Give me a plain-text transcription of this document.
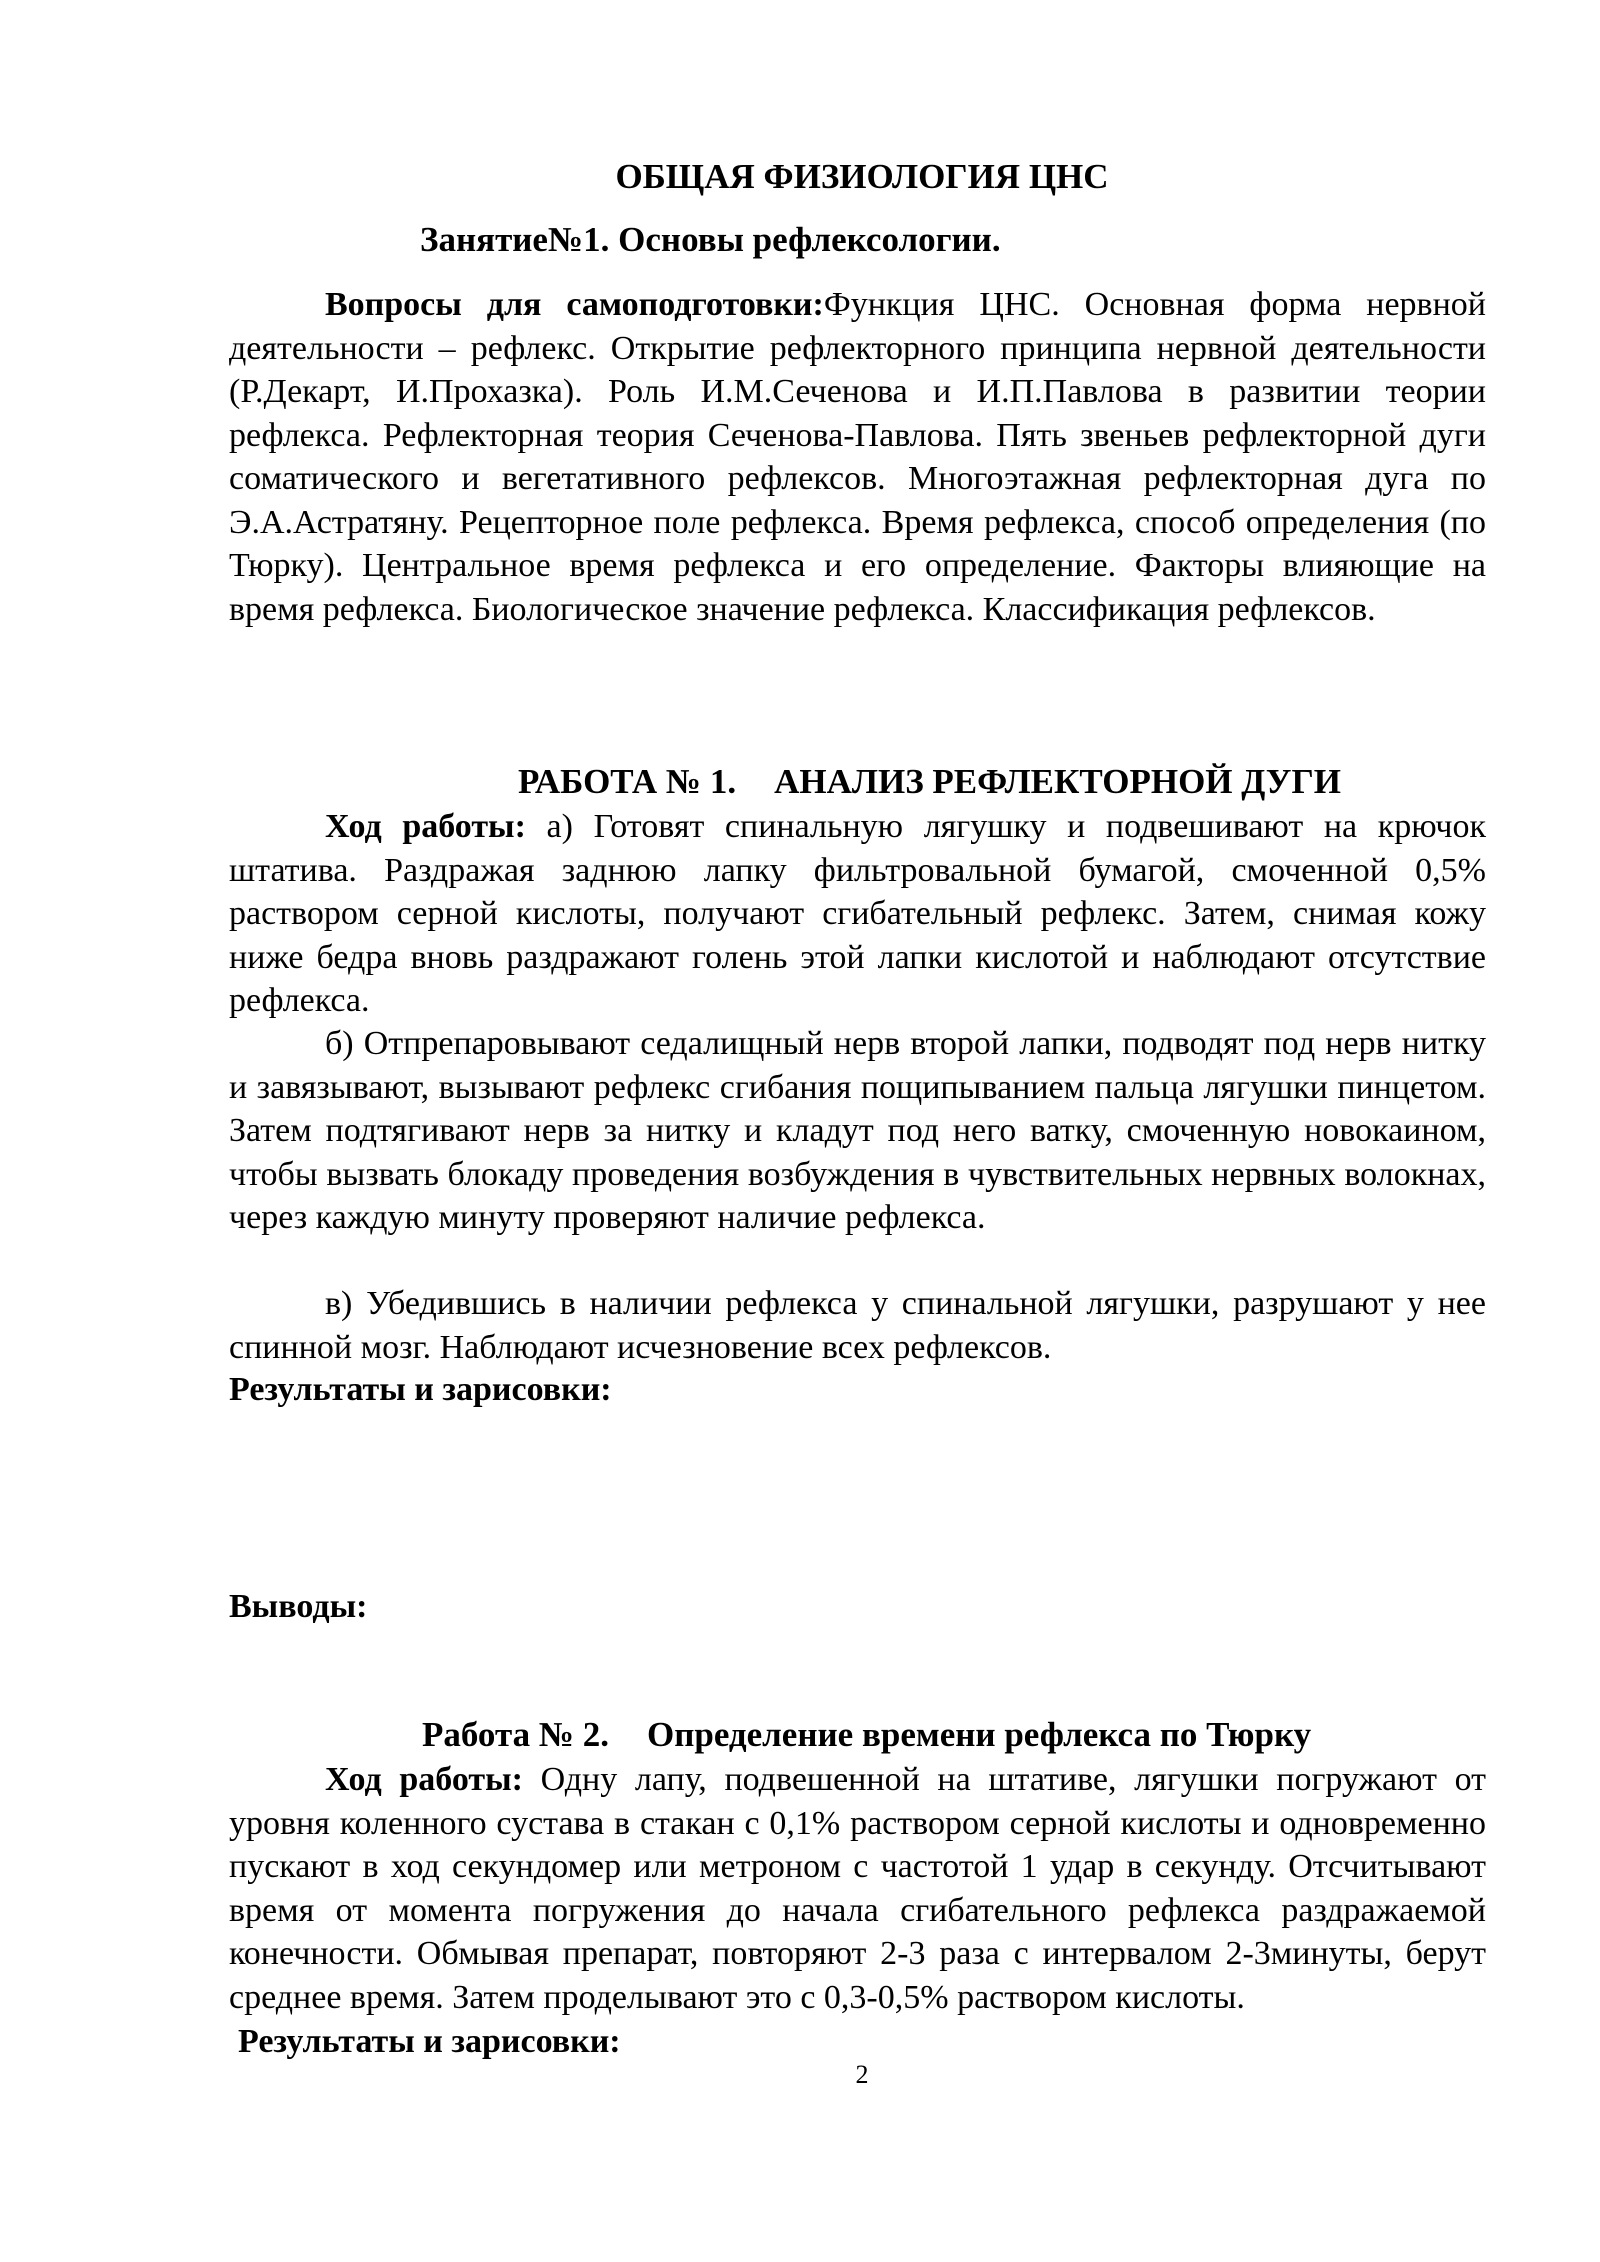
ОБЩАЯ ФИЗИОЛОГИЯ ЦНС
Занятие№1. Основы рефлексологии.

Вопросы для самоподготовки:Функция ЦНС. Основная форма нервной деятельности – рефлекс. Открытие рефлекторного принципа нервной деятельности (Р.Декарт, И.Прохазка). Роль И.М.Сеченова и И.П.Павлова в развитии теории рефлекса. Рефлекторная теория Сеченова-Павлова. Пять звеньев рефлекторной дуги соматического и вегетативного рефлексов. Многоэтажная рефлекторная дуга по Э.А.Астратяну. Рецепторное поле рефлекса. Время рефлекса, способ определения (по Тюрку). Центральное время рефлекса и его определение. Факторы влияющие на время рефлекса. Биологическое значение рефлекса. Классификация рефлексов.

РАБОТА № 1. АНАЛИЗ РЕФЛЕКТОРНОЙ ДУГИ

Ход работы: а) Готовят спинальную лягушку и подвешивают на крючок штатива. Раздражая заднюю лапку фильтровальной бумагой, смоченной 0,5% раствором серной кислоты, получают сгибательный рефлекс. Затем, снимая кожу ниже бедра вновь раздражают голень этой лапки кислотой и наблюдают отсутствие рефлекса.

б) Отпрепаровывают седалищный нерв второй лапки, подводят под нерв нитку и завязывают, вызывают рефлекс сгибания пощипыванием пальца лягушки пинцетом. Затем подтягивают нерв за нитку и кладут под него ватку, смоченную новокаином, чтобы вызвать блокаду проведения возбуждения в чувствительных нервных волокнах, через каждую минуту проверяют наличие рефлекса.

в) Убедившись в наличии рефлекса у спинальной лягушки, разрушают у нее спинной мозг. Наблюдают исчезновение всех рефлексов.

Результаты и зарисовки:
Выводы:
Работа № 2. Определение времени рефлекса по Тюрку

Ход работы: Одну лапу, подвешенной на штативе, лягушки погружают от уровня коленного сустава в стакан с 0,1% раствором серной кислоты и одновременно пускают в ход секундомер или метроном с частотой 1 удар в секунду. Отсчитывают время от момента погружения до начала сгибательного рефлекса раздражаемой конечности. Обмывая препарат, повторяют 2-3 раза с интервалом 2-3минуты, берут среднее время. Затем проделывают это с 0,3-0,5% раствором кислоты.

Результаты и зарисовки:
2
